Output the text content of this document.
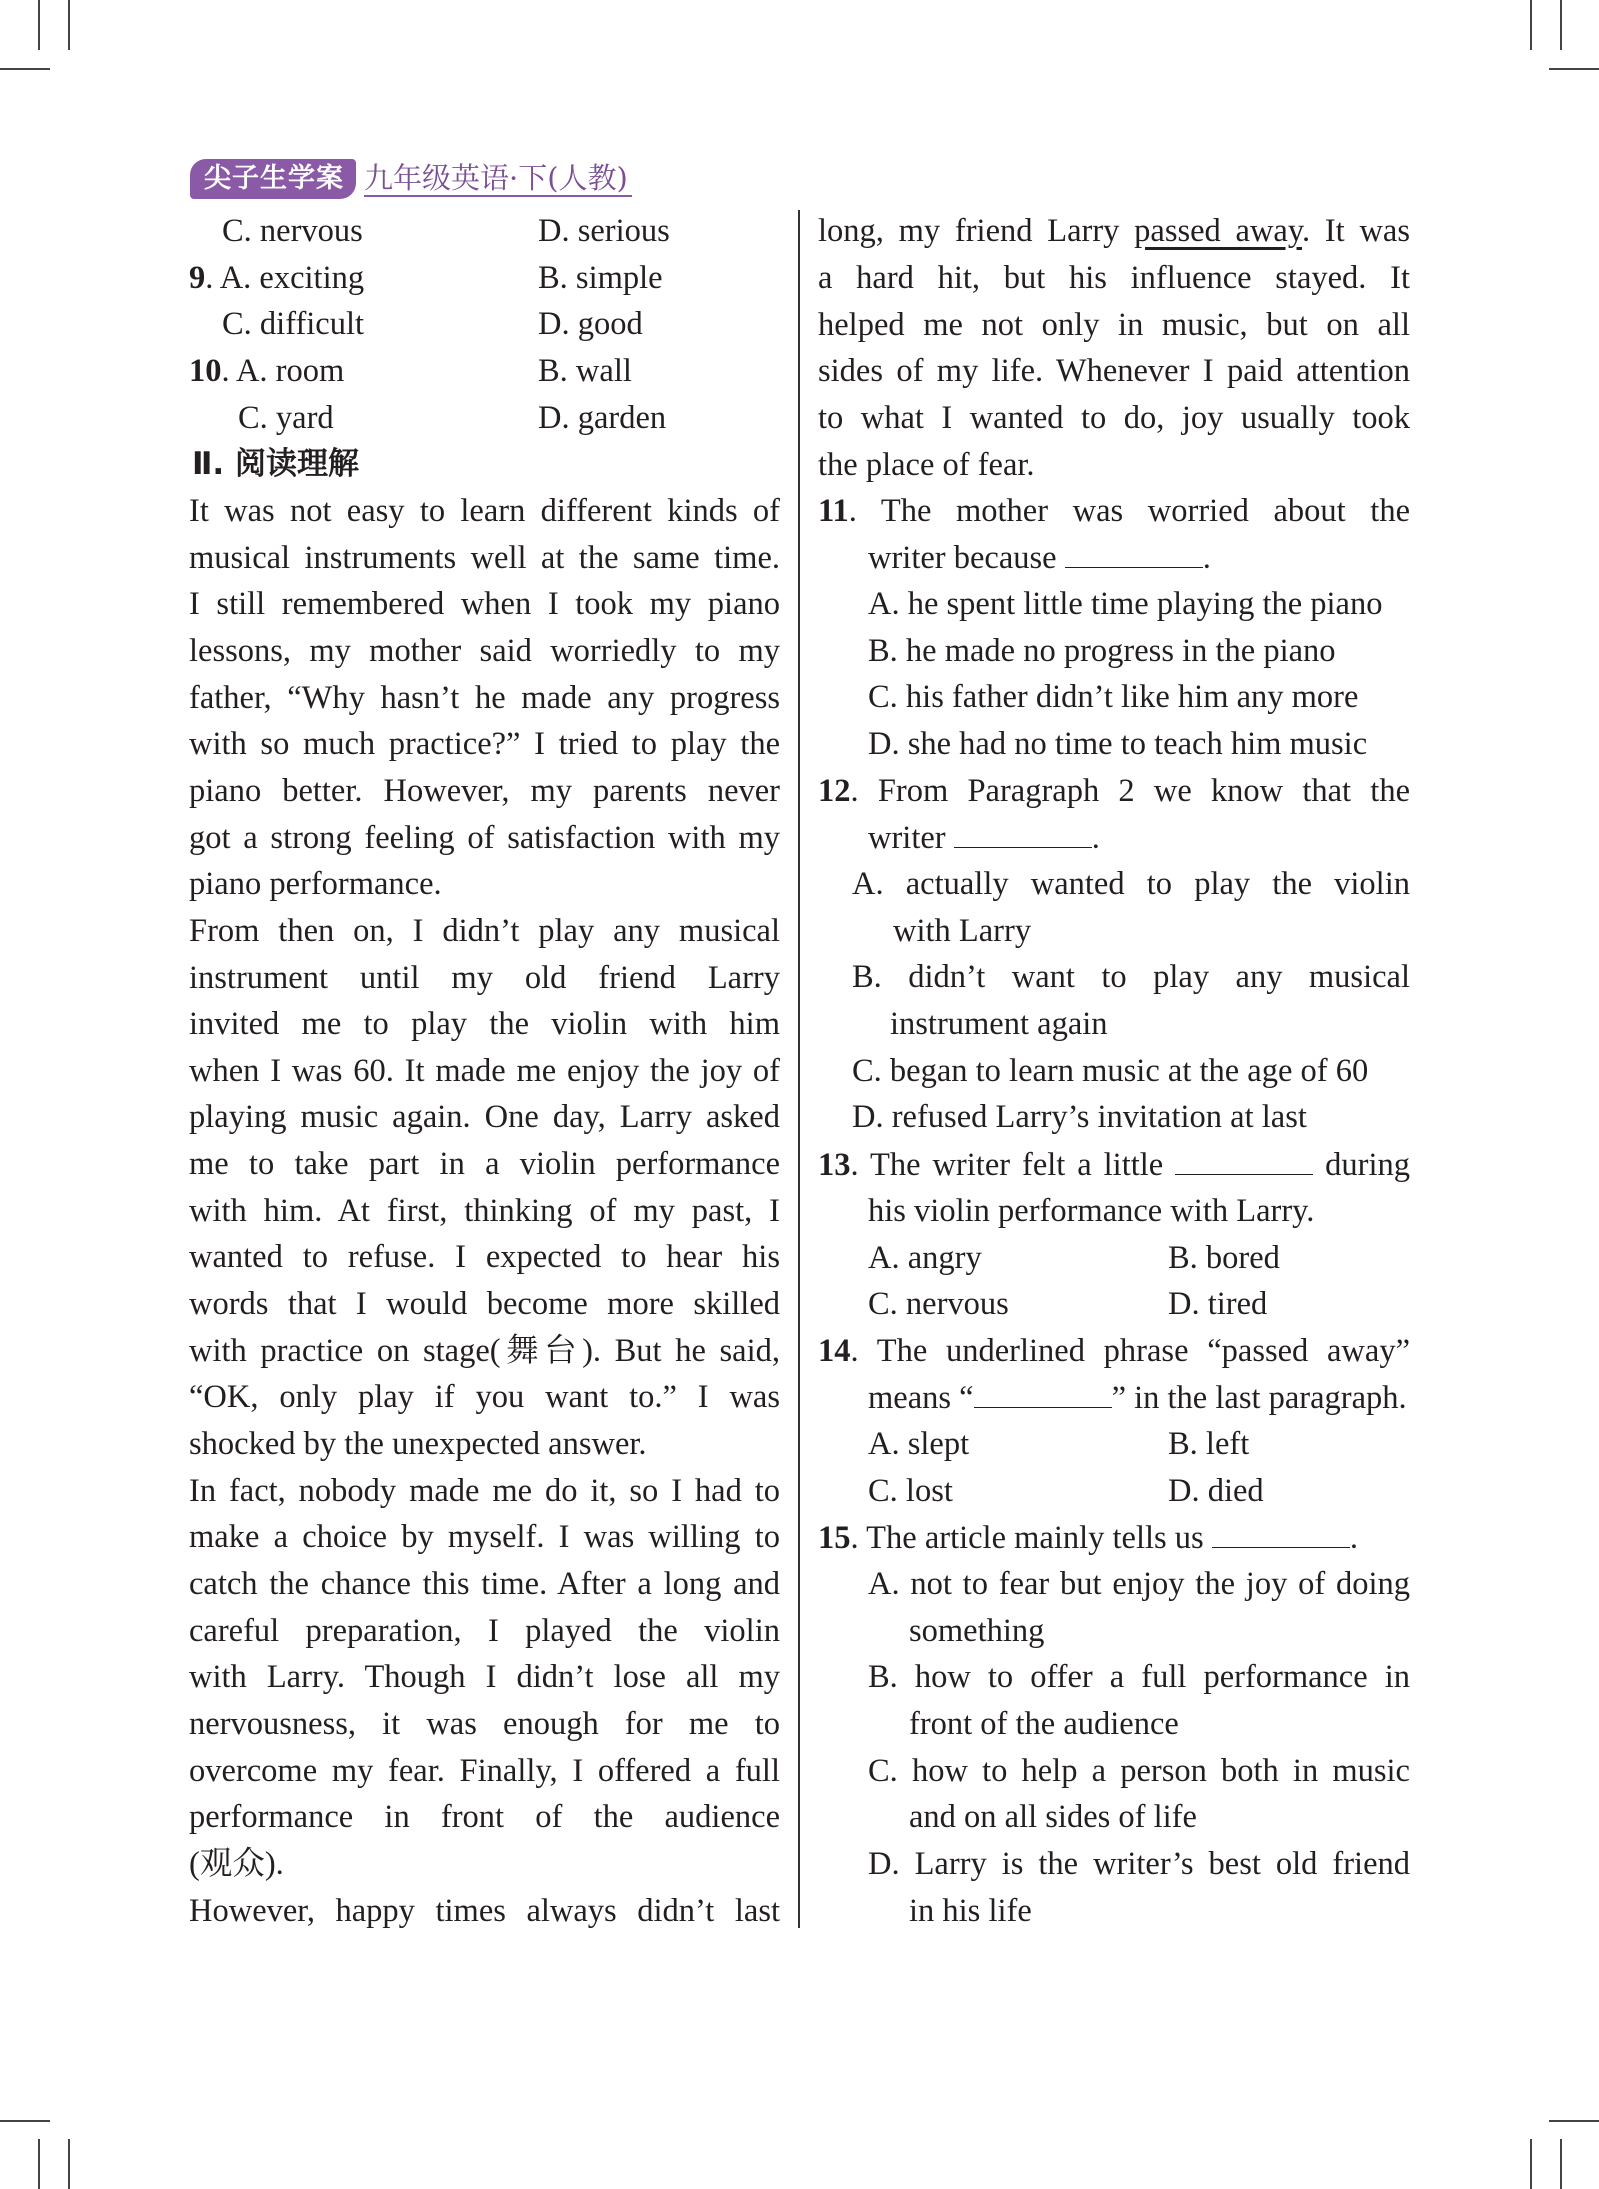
尖子生学案 九年级英语·下(人教)
C. nervous	D. serious
9. A. exciting	B. simple
C. difficult	D. good
10. A. room	B. wall
C. yard	D. garden
Ⅱ. 阅读理解
It was not easy to learn different kinds of
musical instruments well at the same time.
I still remembered when I took my piano
lessons, my mother said worriedly to my
father, “Why hasn’t he made any progress
with so much practice?” I tried to play the
piano better. However, my parents never
got a strong feeling of satisfaction with my
piano performance.
From then on, I didn’t play any musical
instrument until my old friend Larry
invited me to play the violin with him
when I was 60. It made me enjoy the joy of
playing music again. One day, Larry asked
me to take part in a violin performance
with him. At first, thinking of my past, I
wanted to refuse. I expected to hear his
words that I would become more skilled
with practice on stage(舞台). But he said,
“OK, only play if you want to.” I was
shocked by the unexpected answer.
In fact, nobody made me do it, so I had to
make a choice by myself. I was willing to
catch the chance this time. After a long and
careful preparation, I played the violin
with Larry. Though I didn’t lose all my
nervousness, it was enough for me to
overcome my fear. Finally, I offered a full
performance in front of the audience
(观众).
However, happy times always didn’t last
long, my friend Larry passed away. It was
a hard hit, but his influence stayed. It
helped me not only in music, but on all
sides of my life. Whenever I paid attention
to what I wanted to do, joy usually took
the place of fear.
11. The mother was worried about the
writer because	.
A. he spent little time playing the piano
B. he made no progress in the piano
C. his father didn’t like him any more
D. she had no time to teach him music
12. From Paragraph 2 we know that the
writer	.
A. actually wanted to play the violin
with Larry
B. didn’t want to play any musical
instrument again
C. began to learn music at the age of 60
D. refused Larry’s invitation at last
13. The writer felt a little	during
his violin performance with Larry.
A. angry	B. bored
C. nervous	D. tired
14. The underlined phrase “passed away”
means “	” in the last paragraph.
A. slept	B. left
C. lost	D. died
15. The article mainly tells us	.
A. not to fear but enjoy the joy of doing
something
B. how to offer a full performance in
front of the audience
C. how to help a person both in music
and on all sides of life
D. Larry is the writer’s best old friend
in his life
